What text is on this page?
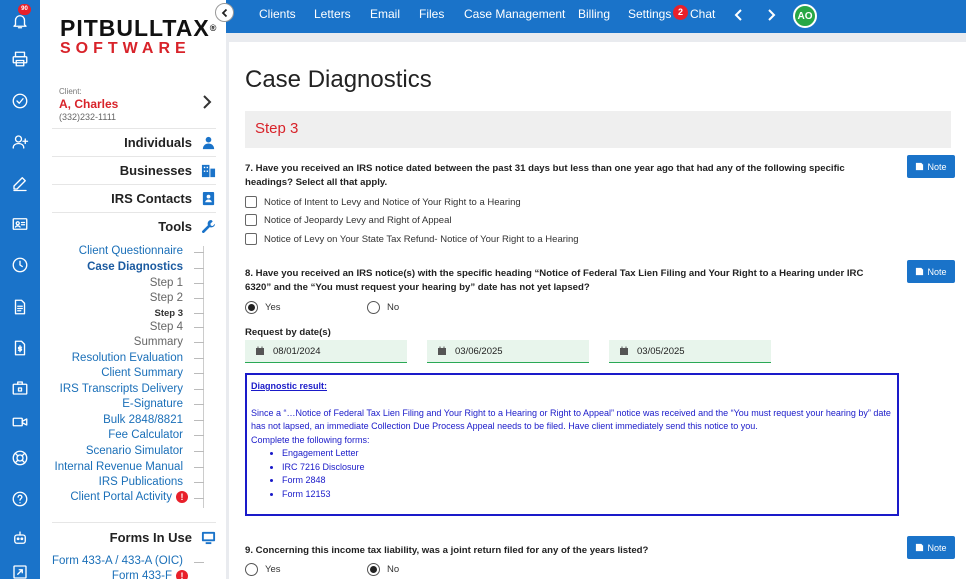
90
PITBULLTAX®
SOFTWARE
Client:
A, Charles
(332)232-1111
Individuals
Businesses
IRS Contacts
Tools
Client Questionnaire
Case Diagnostics
Step 1
Step 2
Step 3
Step 4
Summary
Resolution Evaluation
Client Summary
IRS Transcripts Delivery
E-Signature
Bulk 2848/8821
Fee Calculator
Scenario Simulator
Internal Revenue Manual
IRS Publications
Client Portal Activity !
Forms In Use
Form 433-A / 433-A (OIC)
Form 433-F !
Clients Letters Email Files Case Management Billing Settings 2 Chat	AO
Case Diagnostics
Step 3
7. Have you received an IRS notice dated between the past 31 days but less than one year ago that had any of the following specific headings? Select all that apply.
Note
Notice of Intent to Levy and Notice of Your Right to a Hearing
Notice of Jeopardy Levy and Right of Appeal
Notice of Levy on Your State Tax Refund- Notice of Your Right to a Hearing
8. Have you received an IRS notice(s) with the specific heading “Notice of Federal Tax Lien Filing and Your Right to a Hearing under IRC 6320” and the “You must request your hearing by” date has not yet lapsed?
Note
Yes	No
Request by date(s)
08/01/2024	03/06/2025	03/05/2025
Diagnostic result:
Since a “…Notice of Federal Tax Lien Filing and Your Right to a Hearing or Right to Appeal” notice was received and the “You must request your hearing by” date has not lapsed, an immediate Collection Due Process Appeal needs to be filed. Have client immediately send this notice to you.
Complete the following forms:
• Engagement Letter
• IRC 7216 Disclosure
• Form 2848
• Form 12153
9. Concerning this income tax liability, was a joint return filed for any of the years listed?	Note
Yes	No
